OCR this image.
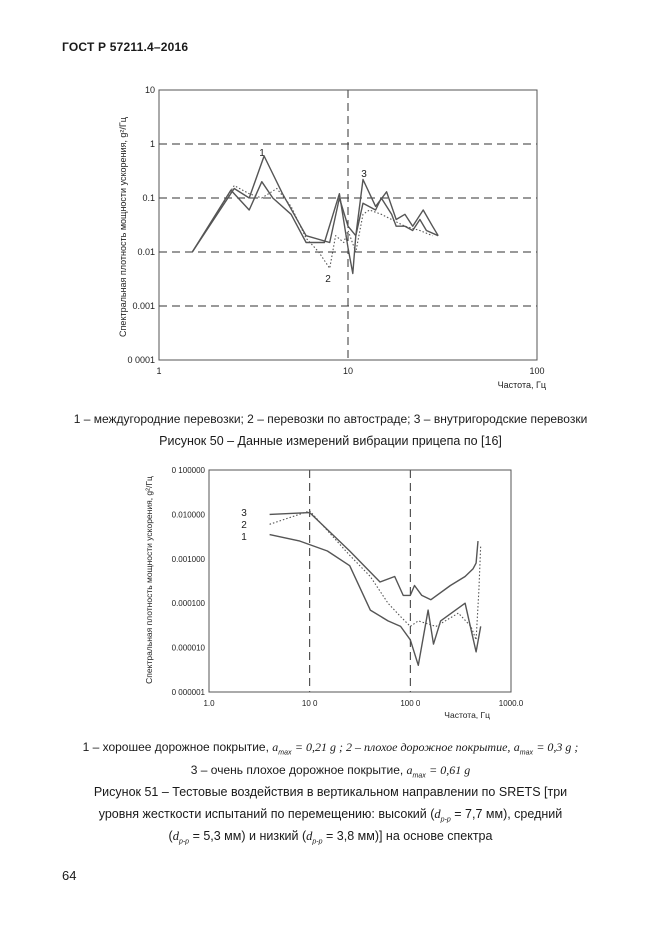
ГОСТ Р 57211.4–2016
10
1
0.1
0.01
0.001
0 0001
1	10	100
1
2
3
Частота, Гц
Спектральная плотность мощности ускорения, g²/Гц
1 – междугородние перевозки; 2 – перевозки по автостраде; 3 – внутригородские перевозки
Рисунок 50 – Данные измерений вибрации прицепа по [16]
0 100000
0.010000
0.001000
0.000100
0.000010
0 000001
1.0	10 0	100 0	1000.0
3
2
1
Частота, Гц
Спектральная плотность мощности ускорения, g²/Гц
1 – хорошее дорожное покрытие, $a_{max} = 0,21$ g ; 2 – плохое дорожное покрытие, $a_{max} = 0,3$ g ;
3 – очень плохое дорожное покрытие, $a_{max} = 0,61$ g
Рисунок 51 – Тестовые воздействия в вертикальном направлении по SRETS [три
уровня жесткости испытаний по перемещению: высокий ($d_{p-p} = 7,7$ мм), средний
($d_{p-p} = 5,3$ мм) и низкий ($d_{p-p} = 3,8$ мм)] на основе спектра
64
